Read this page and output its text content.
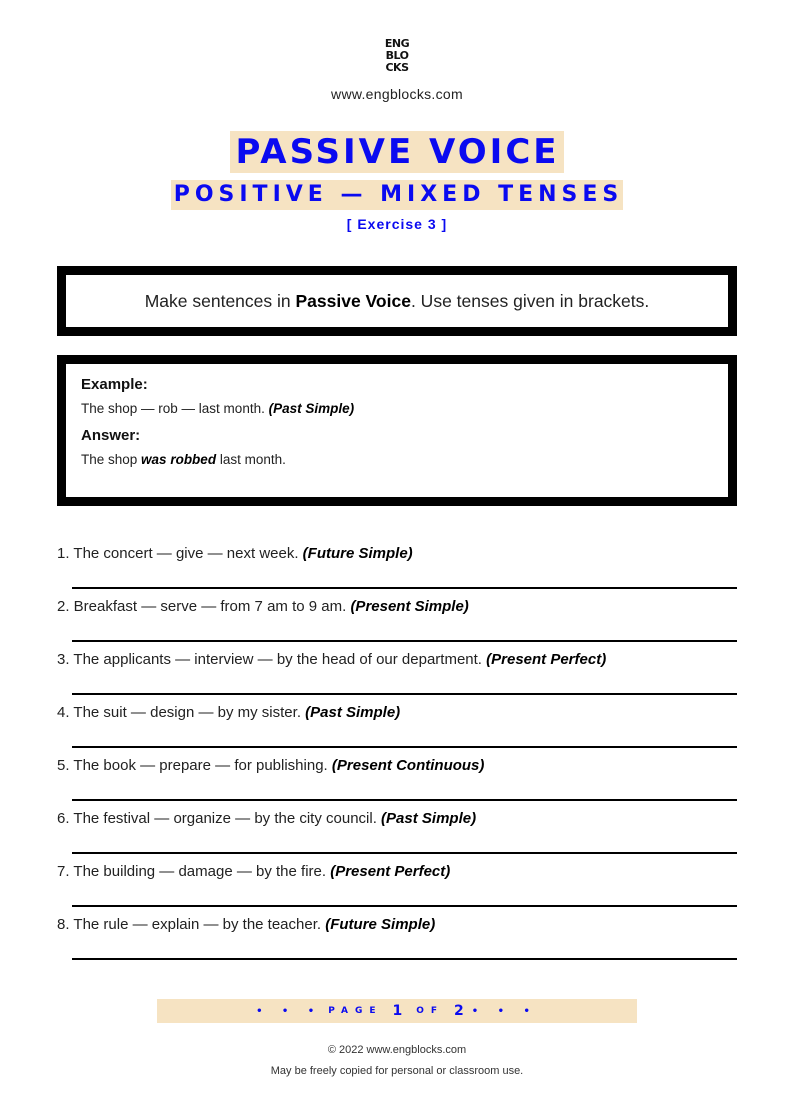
ENG
BLO
CKS
www.engblocks.com
PASSIVE VOICE
POSITIVE — MIXED TENSES
[ Exercise 3 ]
Make sentences in Passive Voice. Use tenses given in brackets.
Example:
The shop — rob — last month. (Past Simple)
Answer:
The shop was robbed last month.
1. The concert — give — next week. (Future Simple)
2. Breakfast — serve — from 7 am to 9 am. (Present Simple)
3. The applicants — interview — by the head of our department. (Present Perfect)
4. The suit — design — by my sister. (Past Simple)
5. The book — prepare — for publishing. (Present Continuous)
6. The festival — organize — by the city council. (Past Simple)
7. The building — damage — by the fire. (Present Perfect)
8. The rule — explain — by the teacher. (Future Simple)
• • • PAGE 1 OF 2 • • •
© 2022 www.engblocks.com
May be freely copied for personal or classroom use.
